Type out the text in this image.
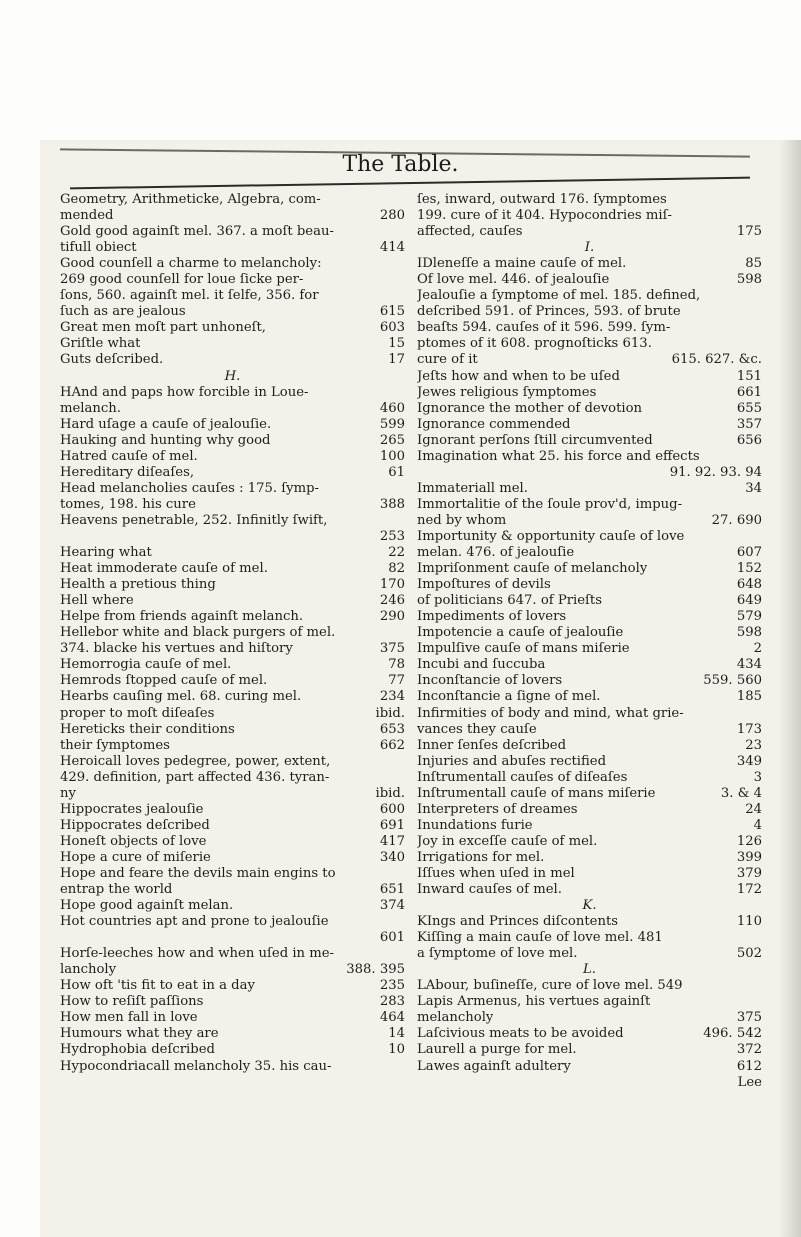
The Table.
Geometry, Arithmeticke, Algebra, com-
mended	280
Gold good againſt mel. 367. a moſt beau-
tifull obiect	414
Good counſell a charme to melancholy:
269 good counſell for loue ſicke per-
ſons, 560. againſt mel. it ſelfe, 356. for
ſuch as are jealous	615
Great men moſt part unhoneſt,	603
Griſtle what	15
Guts deſcribed.	17
H.
HAnd and paps how forcible in Loue-
melanch.	460
Hard uſage a cauſe of jealouſie.	599
Hauking and hunting why good	265
Hatred cauſe of mel.	100
Hereditary diſeaſes,	61
Head melancholies cauſes : 175. ſymp-
tomes, 198. his cure	388
Heavens penetrable, 252. Infinitly ſwift,
253
Hearing what	22
Heat immoderate cauſe of mel.	82
Health a pretious thing	170
Hell where	246
Helpe from friends againſt melanch.	290
Hellebor white and black purgers of mel.
374. blacke his vertues and hiſtory	375
Hemorrogia cauſe of mel.	78
Hemrods ſtopped cauſe of mel.	77
Hearbs cauſing mel. 68. curing mel.	234
proper to moſt diſeaſes	ibid.
Hereticks their conditions	653
their ſymptomes	662
Heroicall loves pedegree, power, extent,
429. definition, part affected 436. tyran-
ny	ibid.
Hippocrates jealouſie	600
Hippocrates deſcribed	691
Honeſt objects of love	417
Hope a cure of miſerie	340
Hope and feare the devils main engins to
entrap the world	651
Hope good againſt melan.	374
Hot countries apt and prone to jealouſie
601
Horſe-leeches how and when uſed in me-
lancholy	388. 395
How oft 'tis fit to eat in a day	235
How to reſiſt paſſions	283
How men fall in love	464
Humours what they are	14
Hydrophobia deſcribed	10
Hypocondriacall melancholy 35. his cau-
ſes, inward, outward 176. ſymptomes
199. cure of it 404. Hypocondries miſ-
affected, cauſes	175
I.
IDleneſſe a maine cauſe of mel.	85
Of love mel. 446. of jealouſie	598
Jealouſie a ſymptome of mel. 185. defined,
deſcribed 591. of Princes, 593. of brute
beaſts 594. cauſes of it 596. 599. ſym-
ptomes of it 608. prognoſticks 613.
cure of it	615. 627. &c.
Jeſts how and when to be uſed	151
Jewes religious ſymptomes	661
Ignorance the mother of devotion	655
Ignorance commended	357
Ignorant perſons ſtill circumvented	656
Imagination what 25. his force and effects
91. 92. 93. 94
Immateriall mel.	34
Immortalitie of the ſoule prov'd, impug-
ned by whom	27. 690
Importunity & opportunity cauſe of love
melan. 476. of jealouſie	607
Impriſonment cauſe of melancholy	152
Impoſtures of devils	648
of politicians 647. of Prieſts	649
Impediments of lovers	579
Impotencie a cauſe of jealouſie	598
Impulſive cauſe of mans miſerie	2
Incubi and ſuccuba	434
Inconſtancie of lovers	559. 560
Inconſtancie a ſigne of mel.	185
Infirmities of body and mind, what grie-
vances they cauſe	173
Inner ſenſes deſcribed	23
Injuries and abuſes rectified	349
Inſtrumentall cauſes of diſeaſes	3
Inſtrumentall cauſe of mans miſerie	3. & 4
Interpreters of dreames	24
Inundations furie	4
Joy in exceſſe cauſe of mel.	126
Irrigations for mel.	399
Iſſues when uſed in mel	379
Inward cauſes of mel.	172
K.
KIngs and Princes diſcontents	110
Kiſſing a main cauſe of love mel. 481
a ſymptome of love mel.	502
L.
LAbour, buſineſſe, cure of love mel. 549
Lapis Armenus, his vertues againſt
melancholy	375
Laſcivious meats to be avoided	496. 542
Laurell a purge for mel.	372
Lawes againſt adultery	612
Lee
